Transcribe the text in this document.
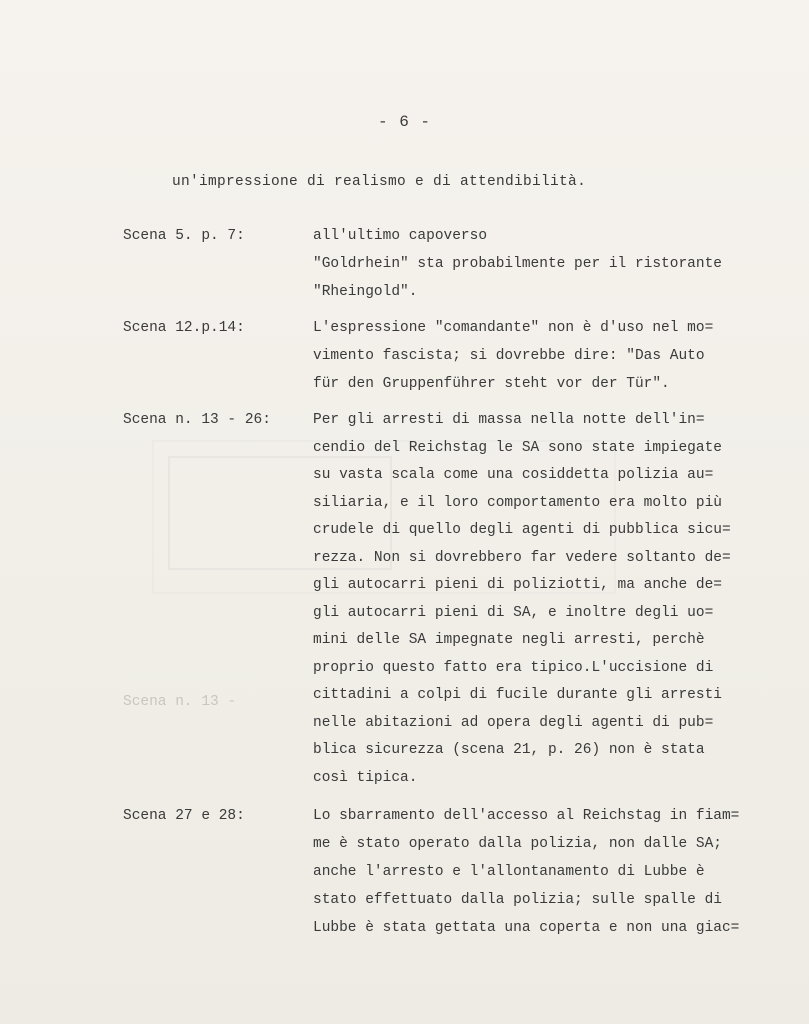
- 6 -
un'impressione di realismo e di attendibilità.
Scena 5. p. 7:	all'ultimo capoverso
"Goldrhein" sta probabilmente per il ristorante
"Rheingold".
Scena 12.p.14:	L'espressione "comandante" non è d'uso nel mo=
vimento fascista; si dovrebbe dire: "Das Auto
für den Gruppenführer steht vor der Tür".
Scena n. 13 - 26:	Per gli arresti di massa nella notte dell'in=
cendio del Reichstag le SA sono state impiegate
su vasta scala come una cosiddetta polizia au=
siliaria, e il loro comportamento era molto più
crudele di quello degli agenti di pubblica sicu=
rezza. Non si dovrebbero far vedere soltanto de=
gli autocarri pieni di poliziotti, ma anche de=
gli autocarri pieni di SA, e inoltre degli uo=
mini delle SA impegnate negli arresti, perchè
proprio questo fatto era tipico.L'uccisione di
cittadini a colpi di fucile durante gli arresti
nelle abitazioni ad opera degli agenti di pub=
blica sicurezza (scena 21, p. 26) non è stata
così tipica.
Scena n. 13 -
Scena 27 e 28:	Lo sbarramento dell'accesso al Reichstag in fiam=
me è stato operato dalla polizia, non dalle SA;
anche l'arresto e l'allontanamento di Lubbe è
stato effettuato dalla polizia; sulle spalle di
Lubbe è stata gettata una coperta e non una giac=
